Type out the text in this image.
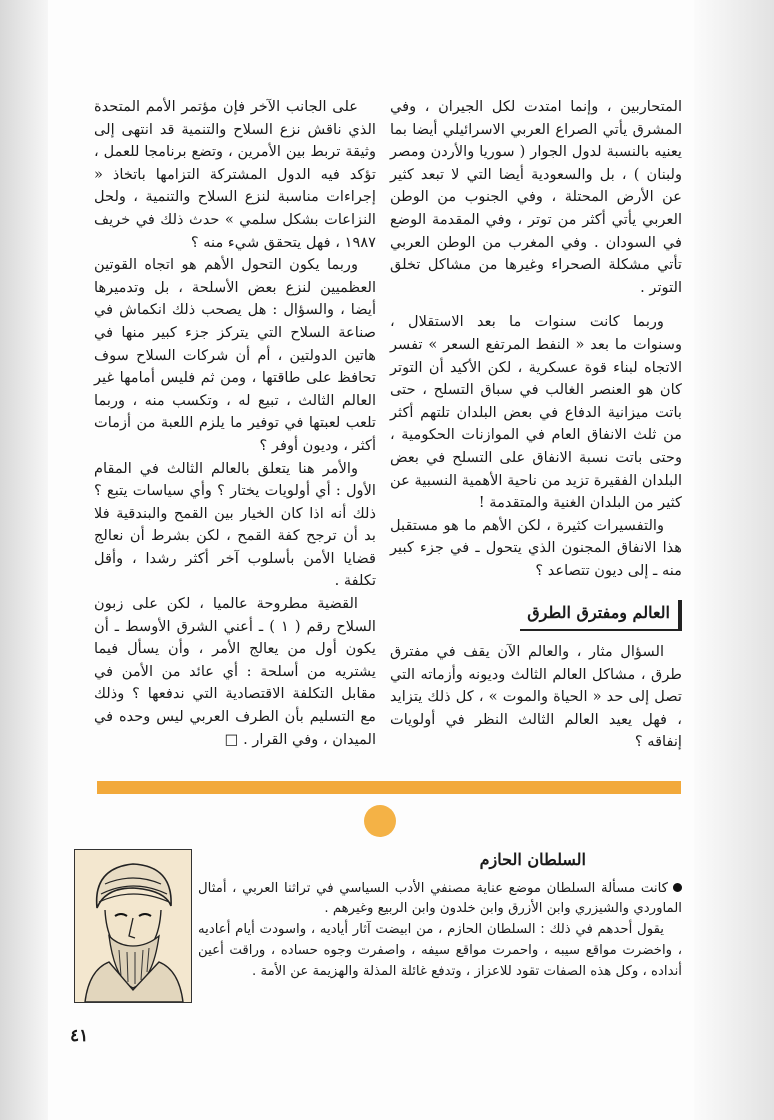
المتحاربين ، وإنما امتدت لكل الجيران ، وفي المشرق يأتي الصراع العربي الاسرائيلي أيضا بما يعنيه بالنسبة لدول الجوار ( سوريا والأردن ومصر ولبنان ) ، بل والسعودية أيضا التي لا تبعد كثير عن الأرض المحتلة ، وفي الجنوب من الوطن العربي يأتي أكثر من توتر ، وفي المقدمة الوضع في السودان . وفي المغرب من الوطن العربي تأتي مشكلة الصحراء وغيرها من مشاكل تخلق التوتر .

وربما كانت سنوات ما بعد الاستقلال ، وسنوات ما بعد « النفط المرتفع السعر » تفسر الاتجاه لبناء قوة عسكرية ، لكن الأكيد أن التوتر كان هو العنصر الغالب في سباق التسلح ، حتى باتت ميزانية الدفاع في بعض البلدان تلتهم أكثر من ثلث الانفاق العام في الموازنات الحكومية ، وحتى باتت نسبة الانفاق على التسلح في بعض البلدان الفقيرة تزيد من ناحية الأهمية النسبية عن كثير من البلدان الغنية والمتقدمة !

والتفسيرات كثيرة ، لكن الأهم ما هو مستقبل هذا الانفاق المجنون الذي يتحول ـ في جزء كبير منه ـ إلى ديون تتصاعد ؟

العالم ومفترق الطرق

السؤال مثار ، والعالم الآن يقف في مفترق طرق ، مشاكل العالم الثالث وديونه وأزماته التي تصل إلى حد « الحياة والموت » ، كل ذلك يتزايد ، فهل يعيد العالم الثالث النظر في أولويات إنفاقه ؟

على الجانب الآخر فإن مؤتمر الأمم المتحدة الذي ناقش نزع السلاح والتنمية قد انتهى إلى وثيقة تربط بين الأمرين ، وتضع برنامجا للعمل ، تؤكد فيه الدول المشتركة التزامها باتخاذ « إجراءات مناسبة لنزع السلاح والتنمية ، ولحل النزاعات بشكل سلمي » حدث ذلك في خريف ١٩٨٧ ، فهل يتحقق شيء منه ؟

وربما يكون التحول الأهم هو اتجاه القوتين العظميين لنزع بعض الأسلحة ، بل وتدميرها أيضا ، والسؤال : هل يصحب ذلك انكماش في صناعة السلاح التي يتركز جزء كبير منها في هاتين الدولتين ، أم أن شركات السلاح سوف تحافظ على طاقتها ، ومن ثم فليس أمامها غير العالم الثالث ، تبيع له ، وتكسب منه ، وربما تلعب لعبتها في توفير ما يلزم اللعبة من أزمات أكثر ، وديون أوفر ؟

والأمر هنا يتعلق بالعالم الثالث في المقام الأول : أي أولويات يختار ؟ وأي سياسات يتبع ؟ ذلك أنه اذا كان الخيار بين القمح والبندقية فلا بد أن ترجح كفة القمح ، لكن بشرط أن نعالج قضايا الأمن بأسلوب آخر أكثر رشدا ، وأقل تكلفة .

القضية مطروحة عالميا ، لكن على زبون السلاح رقم ( ١ ) ـ أعني الشرق الأوسط ـ أن يكون أول من يعالج الأمر ، وأن يسأل فيما يشتريه من أسلحة : أي عائد من الأمن في مقابل التكلفة الاقتصادية التي ندفعها ؟ وذلك مع التسليم بأن الطرف العربي ليس وحده في الميدان ، وفي القرار . □

السلطان الحازم

كانت مسألة السلطان موضع عناية مصنفي الأدب السياسي في تراثنا العربي ، أمثال الماوردي والشيزري وابن الأزرق وابن خلدون وابن الربيع وغيرهم .

يقول أحدهم في ذلك : السلطان الحازم ، من ابيضت آثار أياديه ، واسودت أيام أعاديه ، واخضرت مواقع سيبه ، واحمرت مواقع سيفه ، واصفرت وجوه حساده ، وراقت أعين أنداده ، وكل هذه الصفات تقود للاعزاز ، وتدفع غائلة المذلة والهزيمة عن الأمة .

٤١
